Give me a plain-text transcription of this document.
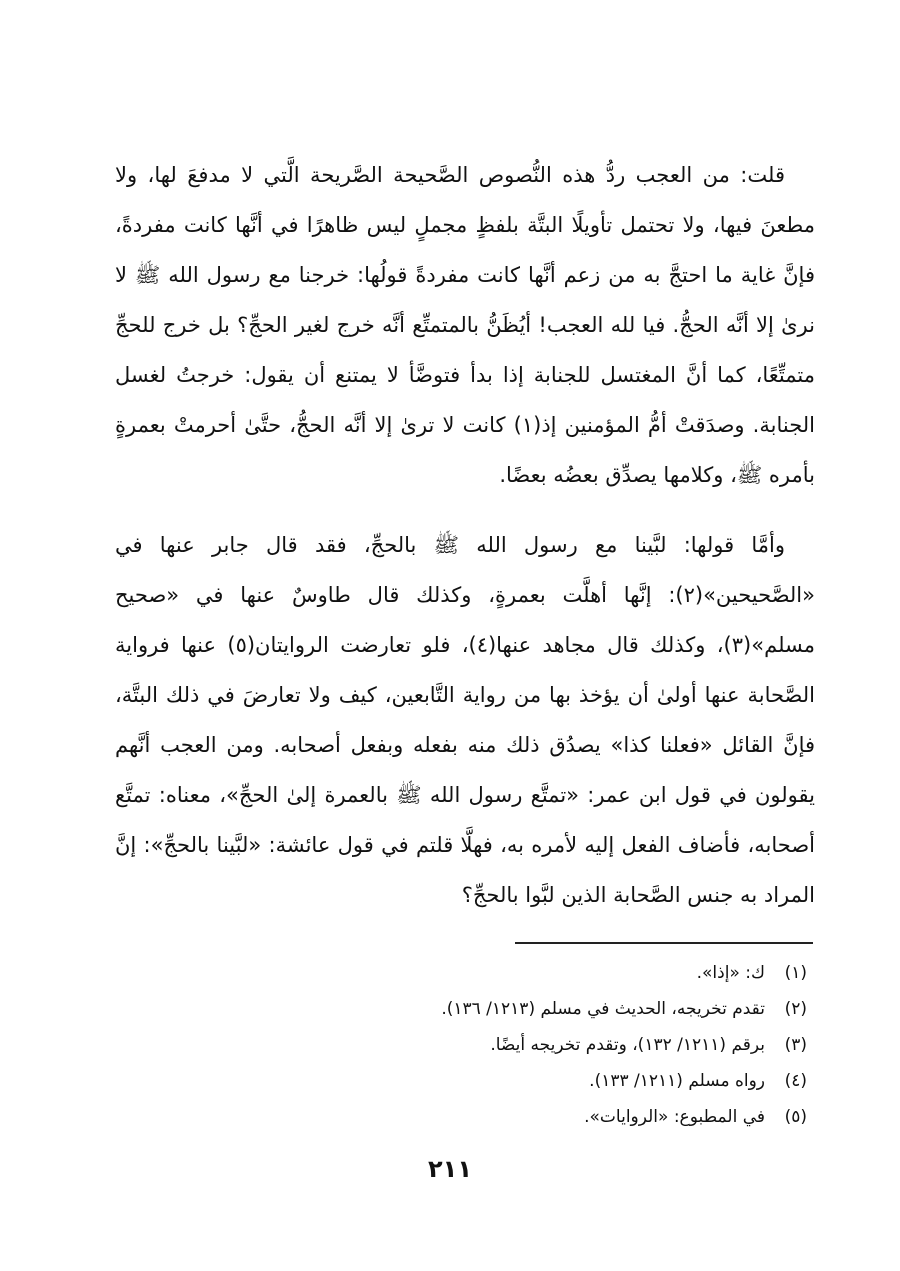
قلت: من العجب ردُّ هذه النُّصوص الصَّحيحة الصَّريحة الَّتي لا مدفعَ لها، ولا مطعنَ فيها، ولا تحتمل تأويلًا البتَّة بلفظٍ مجملٍ ليس ظاهرًا في أنَّها كانت مفردةً، فإنَّ غاية ما احتجَّ به من زعم أنَّها كانت مفردةً قولُها: خرجنا مع رسول الله ﷺ لا نرىٰ إلا أنَّه الحجُّ. فيا لله العجب! أيُظَنُّ بالمتمتِّع أنَّه خرج لغير الحجِّ؟ بل خرج للحجِّ متمتِّعًا، كما أنَّ المغتسل للجنابة إذا بدأ فتوضَّأ لا يمتنع أن يقول: خرجتُ لغسل الجنابة. وصدَقتْ أمُّ المؤمنين إذ(١) كانت لا ترىٰ إلا أنَّه الحجُّ، حتَّىٰ أحرمتْ بعمرةٍ بأمره ﷺ، وكلامها يصدِّق بعضُه بعضًا.

وأمَّا قولها: لبَّينا مع رسول الله ﷺ بالحجِّ، فقد قال جابر عنها في «الصَّحيحين»(٢): إنَّها أهلَّت بعمرةٍ، وكذلك قال طاوسٌ عنها في «صحيح مسلم»(٣)، وكذلك قال مجاهد عنها(٤)، فلو تعارضت الروايتان(٥) عنها فرواية الصَّحابة عنها أولىٰ أن يؤخذ بها من رواية التَّابعين، كيف ولا تعارضَ في ذلك البتَّة، فإنَّ القائل «فعلنا كذا» يصدُق ذلك منه بفعله وبفعل أصحابه. ومن العجب أنَّهم يقولون في قول ابن عمر: «تمتَّع رسول الله ﷺ بالعمرة إلىٰ الحجِّ»، معناه: تمتَّع أصحابه، فأضاف الفعل إليه لأمره به، فهلَّا قلتم في قول عائشة: «لبَّينا بالحجِّ»: إنَّ المراد به جنس الصَّحابة الذين لبَّوا بالحجِّ؟

(١)ك: «إذا».
(٢)تقدم تخريجه، الحديث في مسلم (١٢١٣/ ١٣٦).
(٣)برقم (١٢١١/ ١٣٢)، وتقدم تخريجه أيضًا.
(٤)رواه مسلم (١٢١١/ ١٣٣).
(٥)في المطبوع: «الروايات».
٢١١
